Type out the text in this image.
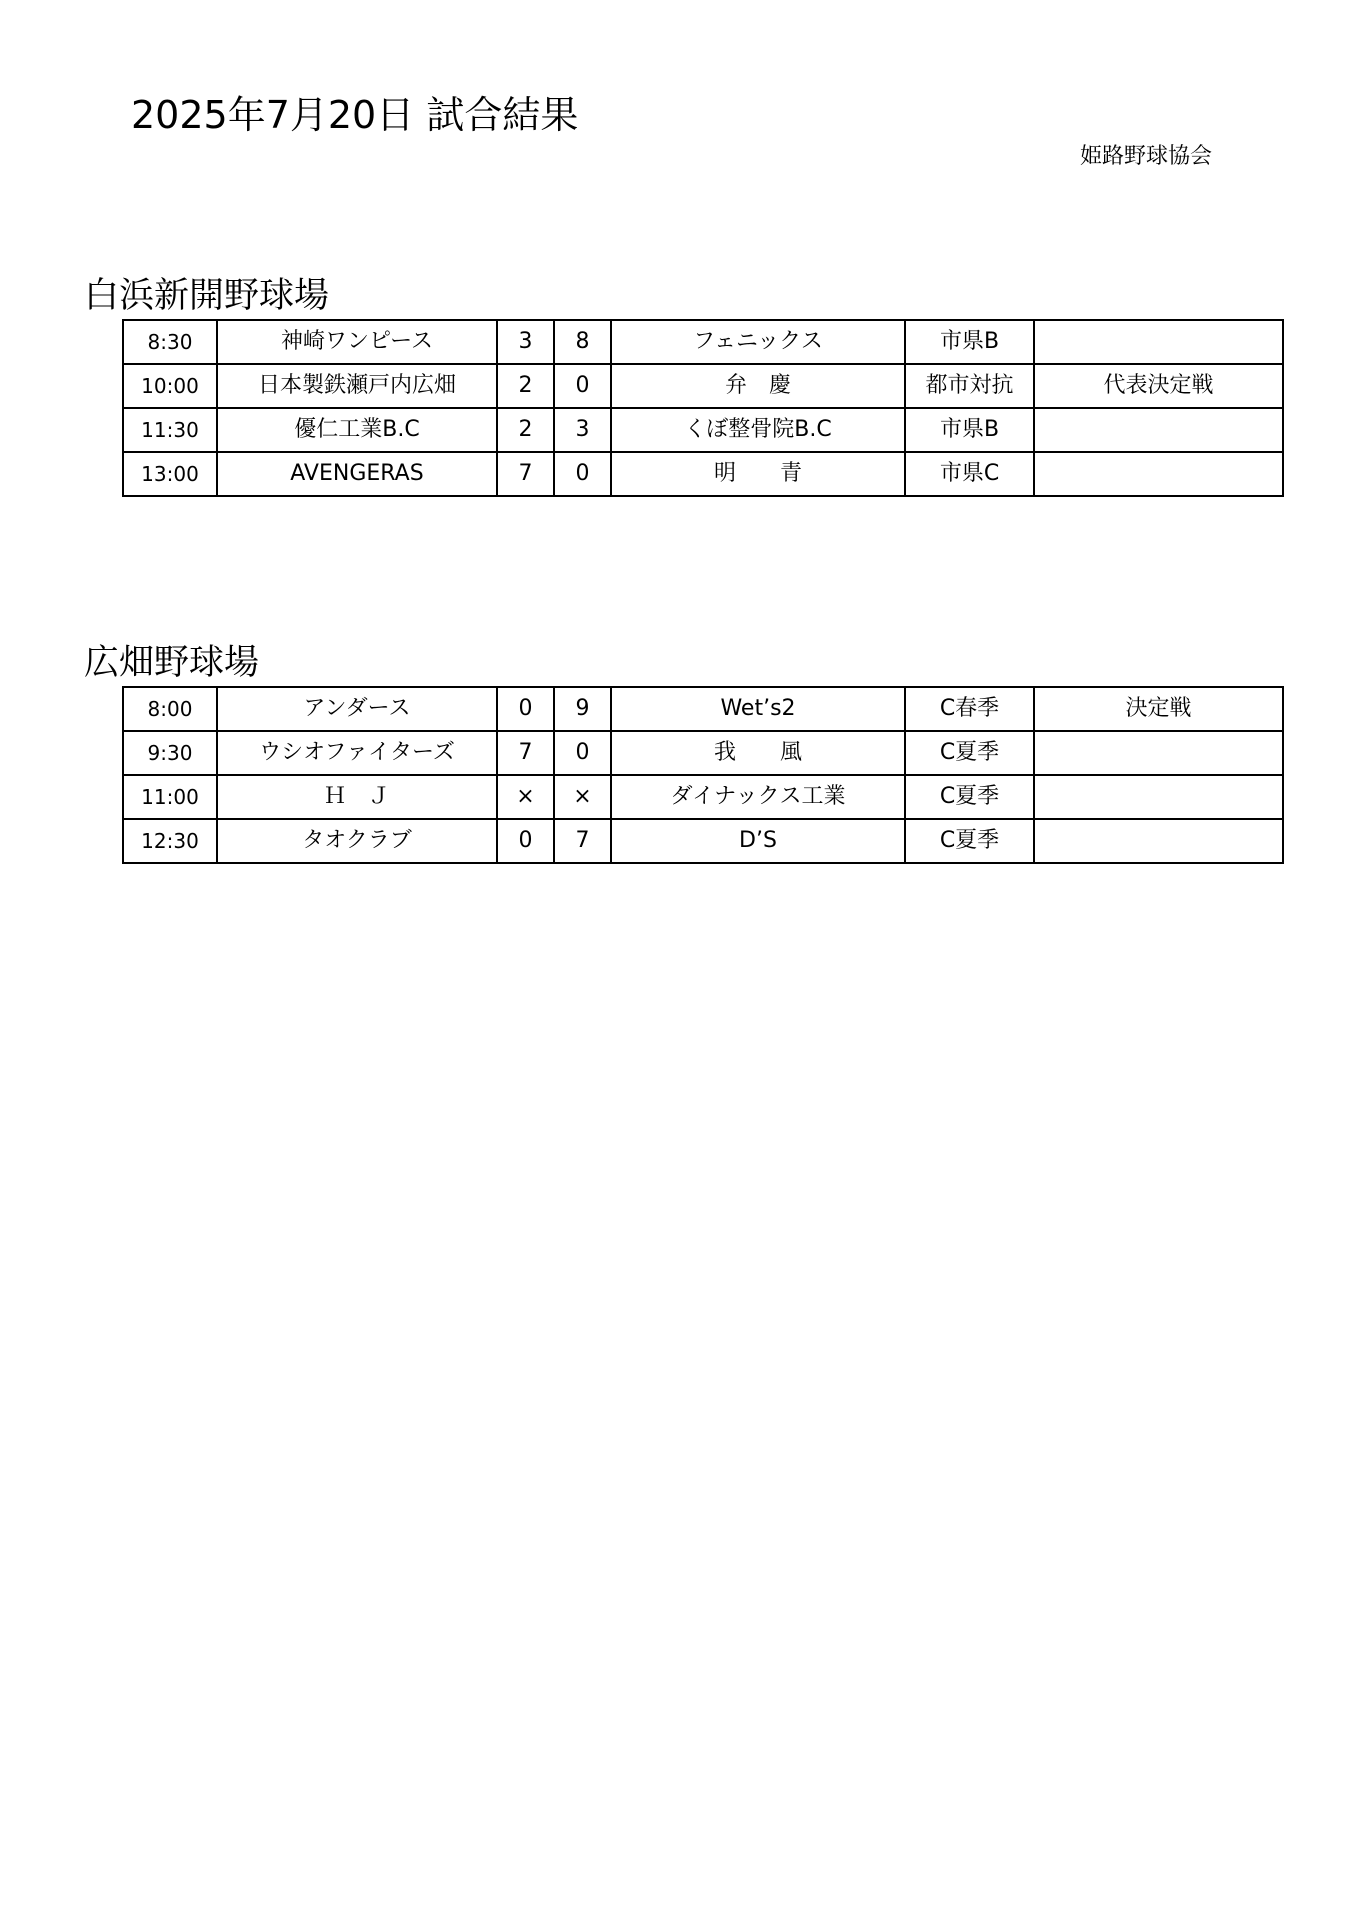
2025年7月20日 試合結果
姫路野球協会
白浜新開野球場
8:30	神崎ワンピース	3	8	フェニックス	市県B	
10:00	日本製鉄瀬戸内広畑	2	0	弁　慶	都市対抗	代表決定戦
11:30	優仁工業B.C	2	3	くぼ整骨院B.C	市県B	
13:00	AVENGERAS	7	0	明　　青	市県C	
広畑野球場
8:00	アンダース	0	9	Wet’s2	C春季	決定戦
9:30	ウシオファイターズ	7	0	我　　風	C夏季	
11:00	Ｈ　Ｊ	×	×	ダイナックス工業	C夏季	
12:30	タオクラブ	0	7	D’S	C夏季	
